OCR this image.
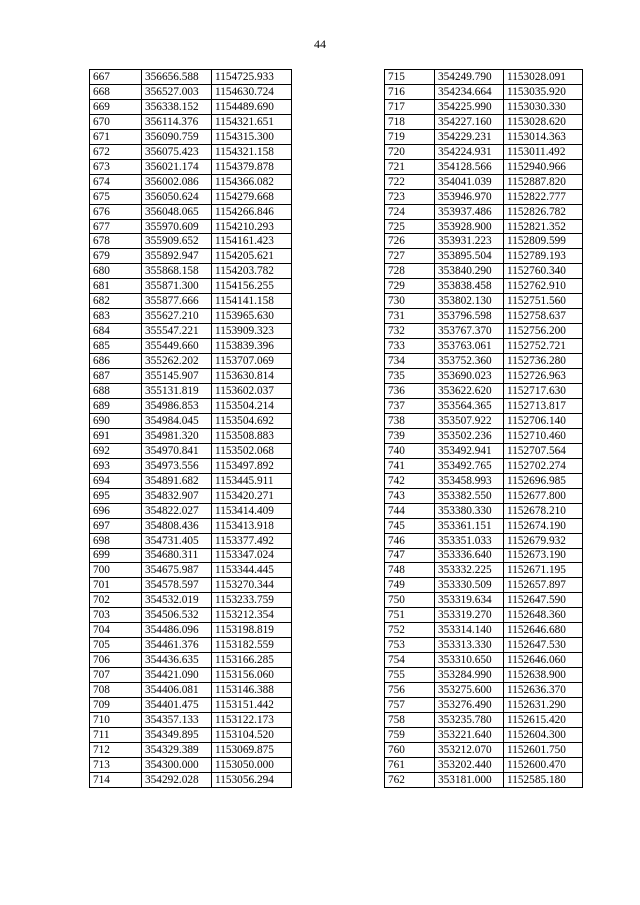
44
667	356656.588	1154725.933
668	356527.003	1154630.724
669	356338.152	1154489.690
670	356114.376	1154321.651
671	356090.759	1154315.300
672	356075.423	1154321.158
673	356021.174	1154379.878
674	356002.086	1154366.082
675	356050.624	1154279.668
676	356048.065	1154266.846
677	355970.609	1154210.293
678	355909.652	1154161.423
679	355892.947	1154205.621
680	355868.158	1154203.782
681	355871.300	1154156.255
682	355877.666	1154141.158
683	355627.210	1153965.630
684	355547.221	1153909.323
685	355449.660	1153839.396
686	355262.202	1153707.069
687	355145.907	1153630.814
688	355131.819	1153602.037
689	354986.853	1153504.214
690	354984.045	1153504.692
691	354981.320	1153508.883
692	354970.841	1153502.068
693	354973.556	1153497.892
694	354891.682	1153445.911
695	354832.907	1153420.271
696	354822.027	1153414.409
697	354808.436	1153413.918
698	354731.405	1153377.492
699	354680.311	1153347.024
700	354675.987	1153344.445
701	354578.597	1153270.344
702	354532.019	1153233.759
703	354506.532	1153212.354
704	354486.096	1153198.819
705	354461.376	1153182.559
706	354436.635	1153166.285
707	354421.090	1153156.060
708	354406.081	1153146.388
709	354401.475	1153151.442
710	354357.133	1153122.173
711	354349.895	1153104.520
712	354329.389	1153069.875
713	354300.000	1153050.000
714	354292.028	1153056.294
715	354249.790	1153028.091
716	354234.664	1153035.920
717	354225.990	1153030.330
718	354227.160	1153028.620
719	354229.231	1153014.363
720	354224.931	1153011.492
721	354128.566	1152940.966
722	354041.039	1152887.820
723	353946.970	1152822.777
724	353937.486	1152826.782
725	353928.900	1152821.352
726	353931.223	1152809.599
727	353895.504	1152789.193
728	353840.290	1152760.340
729	353838.458	1152762.910
730	353802.130	1152751.560
731	353796.598	1152758.637
732	353767.370	1152756.200
733	353763.061	1152752.721
734	353752.360	1152736.280
735	353690.023	1152726.963
736	353622.620	1152717.630
737	353564.365	1152713.817
738	353507.922	1152706.140
739	353502.236	1152710.460
740	353492.941	1152707.564
741	353492.765	1152702.274
742	353458.993	1152696.985
743	353382.550	1152677.800
744	353380.330	1152678.210
745	353361.151	1152674.190
746	353351.033	1152679.932
747	353336.640	1152673.190
748	353332.225	1152671.195
749	353330.509	1152657.897
750	353319.634	1152647.590
751	353319.270	1152648.360
752	353314.140	1152646.680
753	353313.330	1152647.530
754	353310.650	1152646.060
755	353284.990	1152638.900
756	353275.600	1152636.370
757	353276.490	1152631.290
758	353235.780	1152615.420
759	353221.640	1152604.300
760	353212.070	1152601.750
761	353202.440	1152600.470
762	353181.000	1152585.180
